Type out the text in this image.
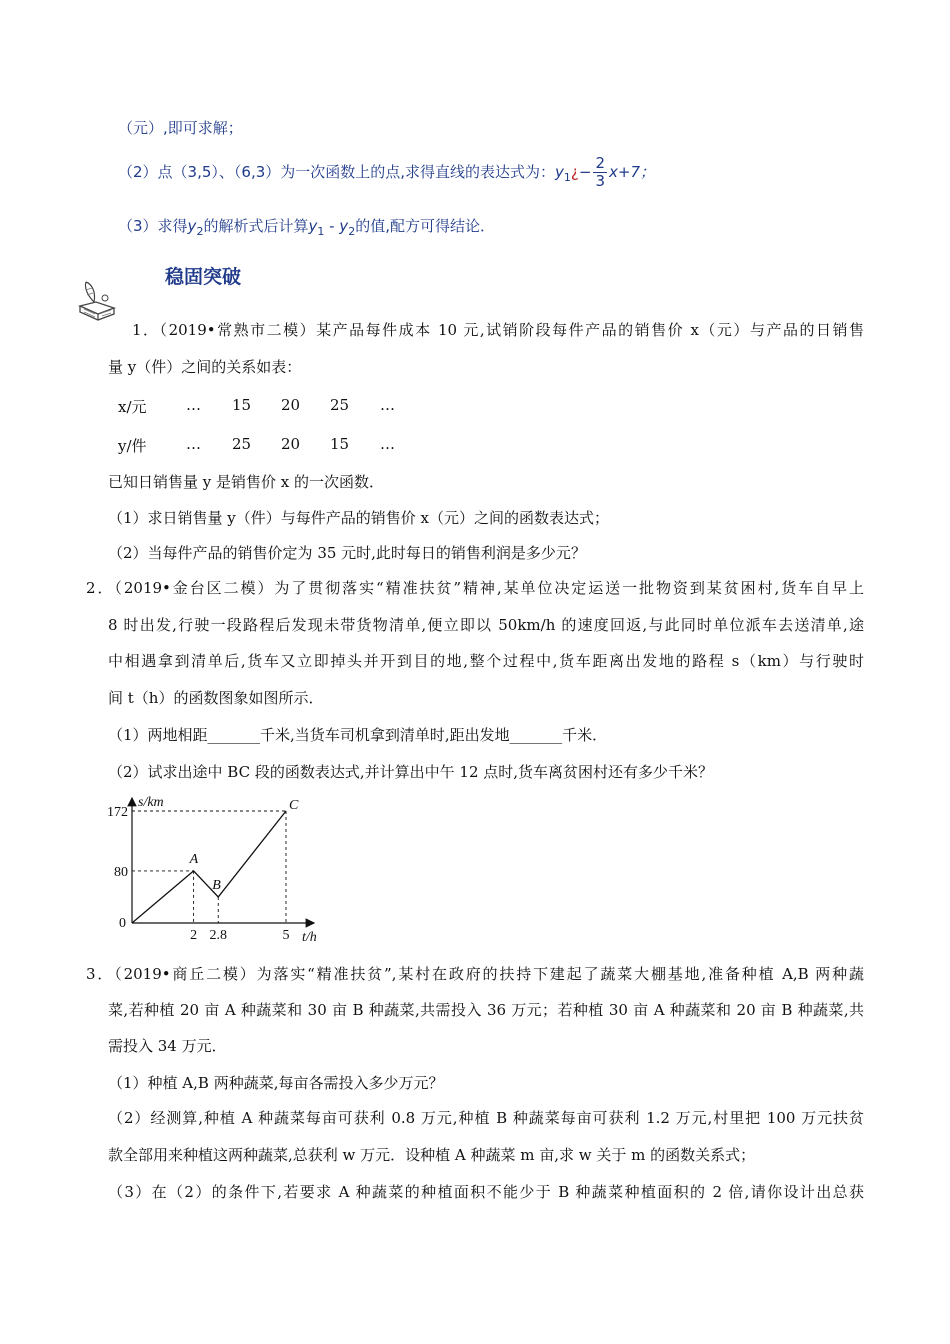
（元）,即可求解；
（2）点（3,5）、（6,3）为一次函数上的点,求得直线的表达式为：$y_1¿- \frac{2}{3} x+7$；
（3）求得$y_2$的解析式后计算$y_1 - y_2$的值,配方可得结论．
稳固突破
1．（2019•常熟市二模）某产品每件成本 10 元,试销阶段每件产品的销售价 x（元）与产品的日销售
量 y（件）之间的关系如表：
x/元	… 15 20 25 …
y/件	… 25 20 15 …
已知日销售量 y 是销售价 x 的一次函数．
（1）求日销售量 y（件）与每件产品的销售价 x（元）之间的函数表达式；
（2）当每件产品的销售价定为 35 元时,此时每日的销售利润是多少元？
2．（2019•金台区二模）为了贯彻落实“精准扶贫”精神,某单位决定运送一批物资到某贫困村,货车自早上
8 时出发,行驶一段路程后发现未带货物清单,便立即以 50km/h 的速度回返,与此同时单位派车去送清单,途
中相遇拿到清单后,货车又立即掉头并开到目的地,整个过程中,货车距离出发地的路程 s（km）与行驶时
间 t（h）的函数图象如图所示．
（1）两地相距_______千米,当货车司机拿到清单时,距出发地_______千米．
（2）试求出途中 BC 段的函数表达式,并计算出中午 12 点时,货车离贫困村还有多少千米？
172
80
0
2 2.8	5
s/km
t/h
A
B
C
3．（2019•商丘二模）为落实“精准扶贫”,某村在政府的扶持下建起了蔬菜大棚基地,准备种植 A,B 两种蔬
菜,若种植 20 亩 A 种蔬菜和 30 亩 B 种蔬菜,共需投入 36 万元；若种植 30 亩 A 种蔬菜和 20 亩 B 种蔬菜,共
需投入 34 万元．
（1）种植 A,B 两种蔬菜,每亩各需投入多少万元？
（2）经测算,种植 A 种蔬菜每亩可获利 0.8 万元,种植 B 种蔬菜每亩可获利 1.2 万元,村里把 100 万元扶贫
款全部用来种植这两种蔬菜,总获利 w 万元．设种植 A 种蔬菜 m 亩,求 w 关于 m 的函数关系式；
（3）在（2）的条件下,若要求 A 种蔬菜的种植面积不能少于 B 种蔬菜种植面积的 2 倍,请你设计出总获
